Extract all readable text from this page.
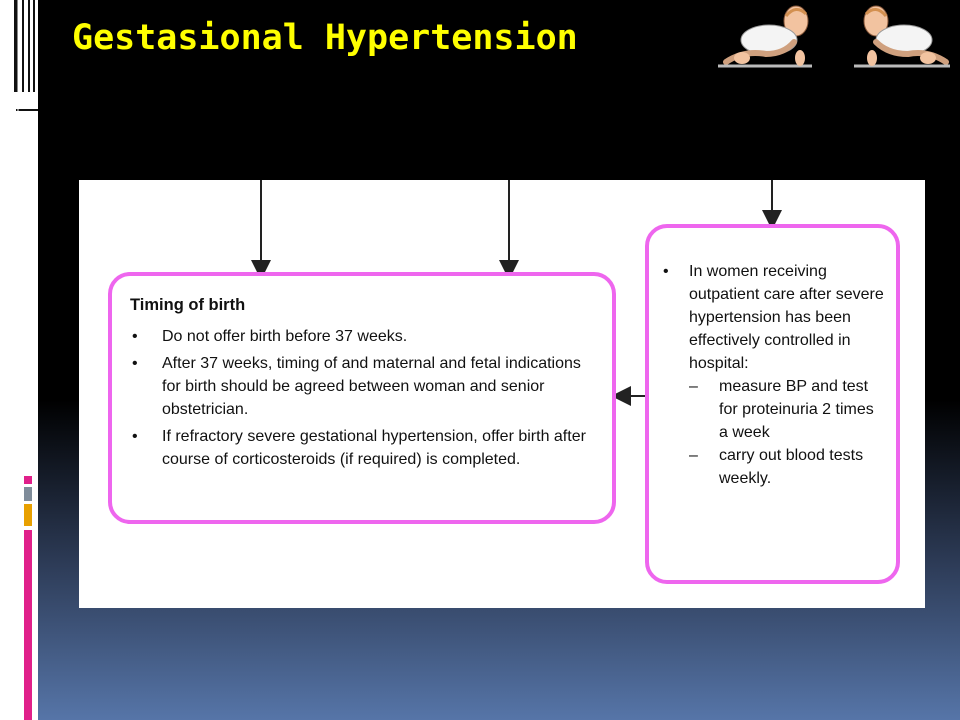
Gestasional Hypertension
Timing of birth
• Do not offer birth before 37 weeks.
• After 37 weeks, timing of and maternal and fetal indications for birth should be agreed between woman and senior obstetrician.
• If refractory severe gestational hypertension, offer birth after course of corticosteroids (if required) is completed.
• In women receiving outpatient care after severe hypertension has been effectively controlled in hospital:
– measure BP and test for proteinuria 2 times a week
– carry out blood tests weekly.
